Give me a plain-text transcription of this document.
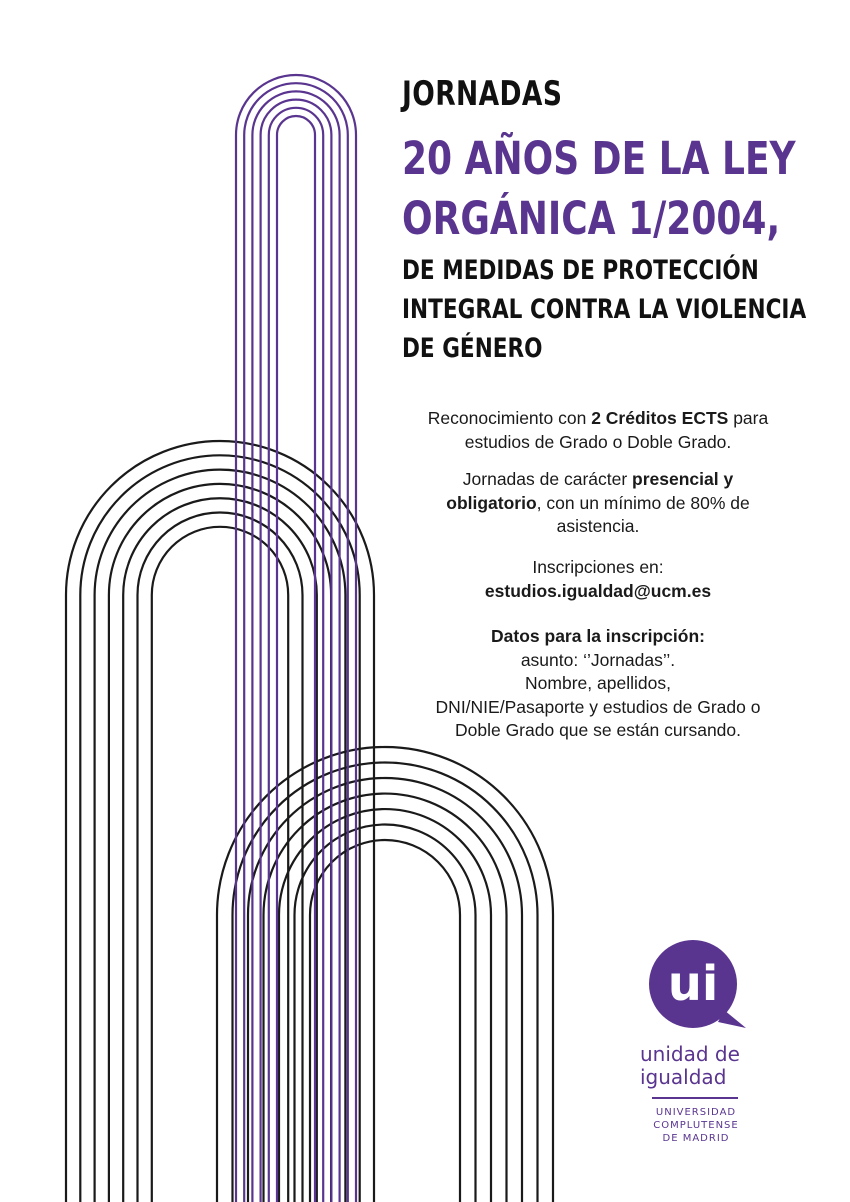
JORNADAS
20 AÑOS DE LA LEY
ORGÁNICA 1/2004,
DE MEDIDAS DE PROTECCIÓN
INTEGRAL CONTRA LA VIOLENCIA
DE GÉNERO

Reconocimiento con 2 Créditos ECTS para

estudios de Grado o Doble Grado.

Jornadas de carácter presencial y

obligatorio, con un mínimo de 80% de

asistencia.

Inscripciones en:

estudios.igualdad@ucm.es

Datos para la inscripción:

asunto: ‘’Jornadas’’.

Nombre, apellidos,

DNI/NIE/Pasaporte y estudios de Grado o

Doble Grado que se están cursando.

ui

unidad de

igualdad

UNIVERSIDAD

COMPLUTENSE

DE MADRID
